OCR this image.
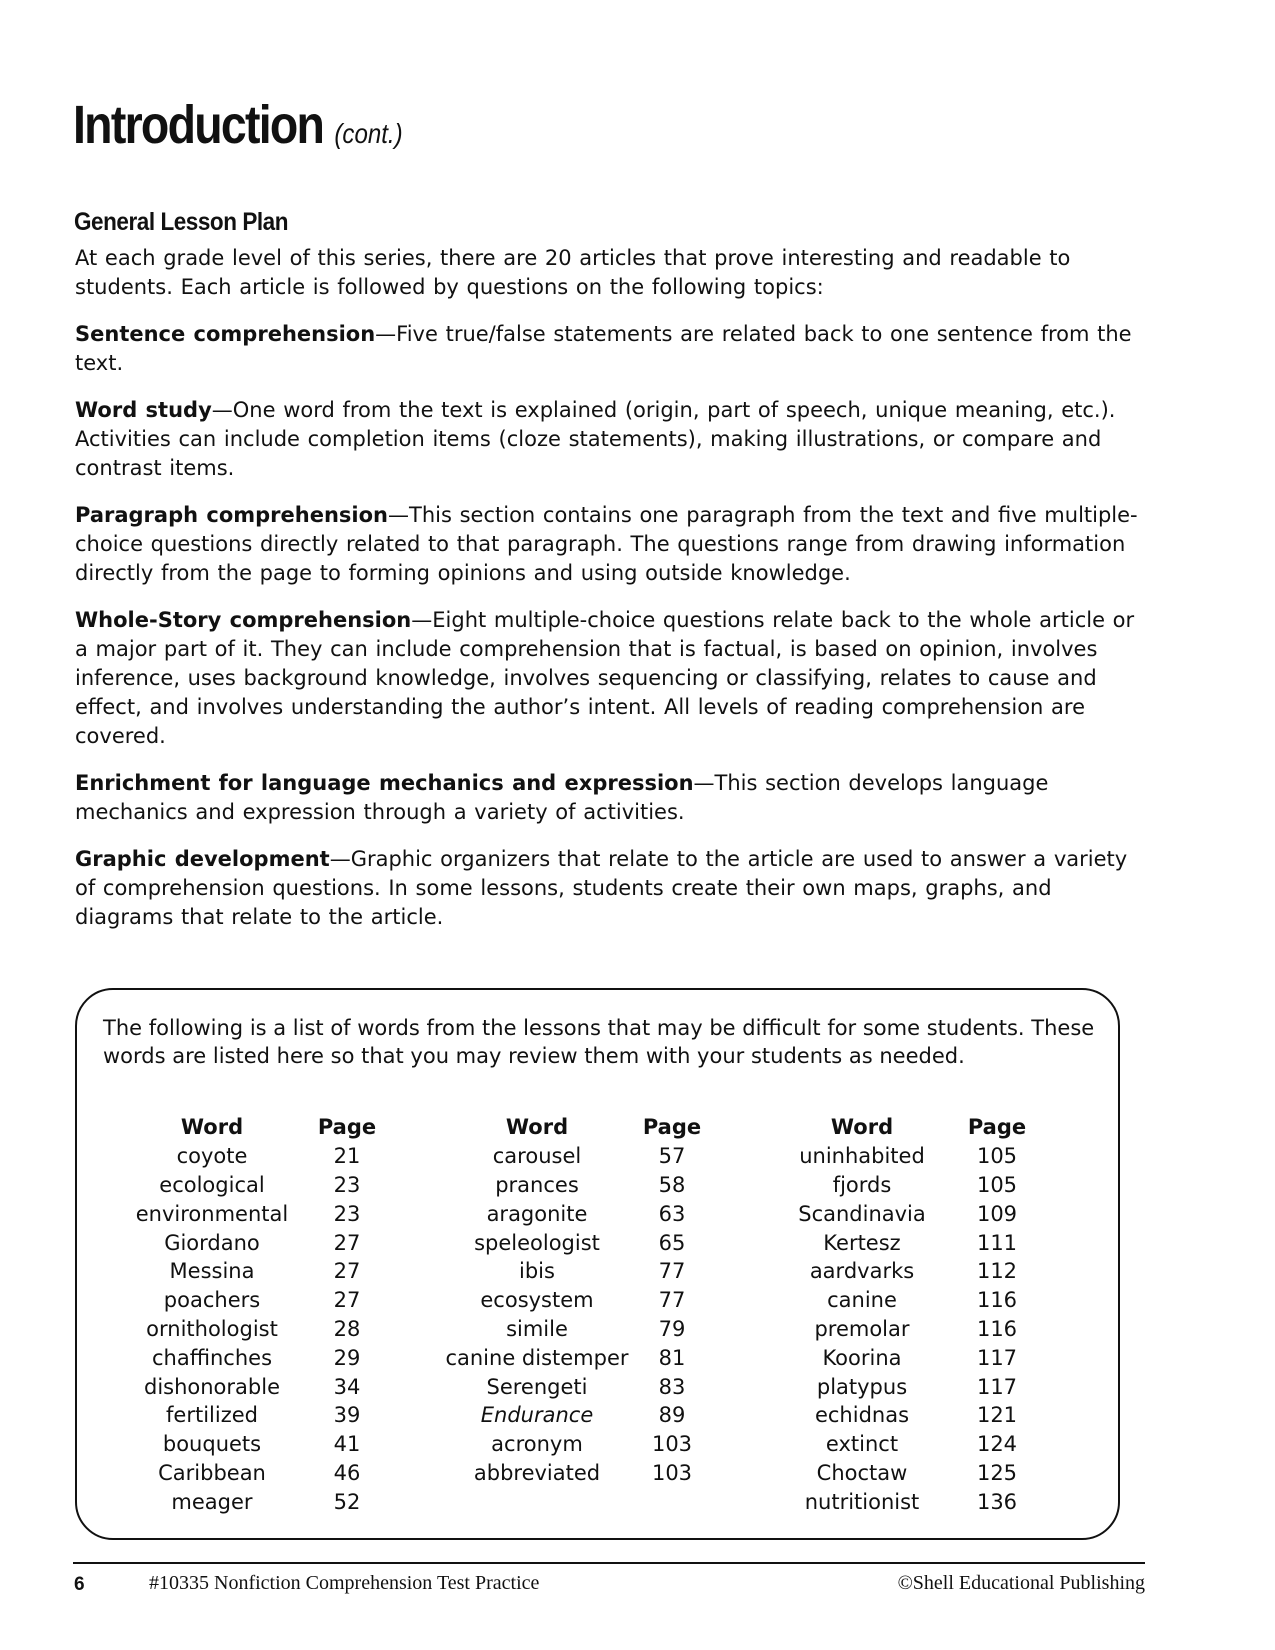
Introduction (cont.)
General Lesson Plan

At each grade level of this series, there are 20 articles that prove interesting and readable to students. Each article is followed by questions on the following topics:

Sentence comprehension—Five true/false statements are related back to one sentence from the text.

Word study—One word from the text is explained (origin, part of speech, unique meaning, etc.). Activities can include completion items (cloze statements), making illustrations, or compare and contrast items.

Paragraph comprehension—This section contains one paragraph from the text and five multiple-choice questions directly related to that paragraph. The questions range from drawing information directly from the page to forming opinions and using outside knowledge.

Whole-Story comprehension—Eight multiple-choice questions relate back to the whole article or a major part of it. They can include comprehension that is factual, is based on opinion, involves inference, uses background knowledge, involves sequencing or classifying, relates to cause and effect, and involves understanding the author’s intent. All levels of reading comprehension are covered.

Enrichment for language mechanics and expression—This section develops language mechanics and expression through a variety of activities.

Graphic development—Graphic organizers that relate to the article are used to answer a variety of comprehension questions. In some lessons, students create their own maps, graphs, and diagrams that relate to the article.

The following is a list of words from the lessons that may be difficult for some students. These words are listed here so that you may review them with your students as needed.

Word	Page
coyote	21
ecological	23
environmental	23
Giordano	27
Messina	27
poachers	27
ornithologist	28
chaffinches	29
dishonorable	34
fertilized	39
bouquets	41
Caribbean	46
meager	52
Word	Page
carousel	57
prances	58
aragonite	63
speleologist	65
ibis	77
ecosystem	77
simile	79
canine distemper	81
Serengeti	83
Endurance	89
acronym	103
abbreviated	103
Word	Page
uninhabited	105
fjords	105
Scandinavia	109
Kertesz	111
aardvarks	112
canine	116
premolar	116
Koorina	117
platypus	117
echidnas	121
extinct	124
Choctaw	125
nutritionist	136
6	#10335 Nonfiction Comprehension Test Practice	©Shell Educational Publishing
